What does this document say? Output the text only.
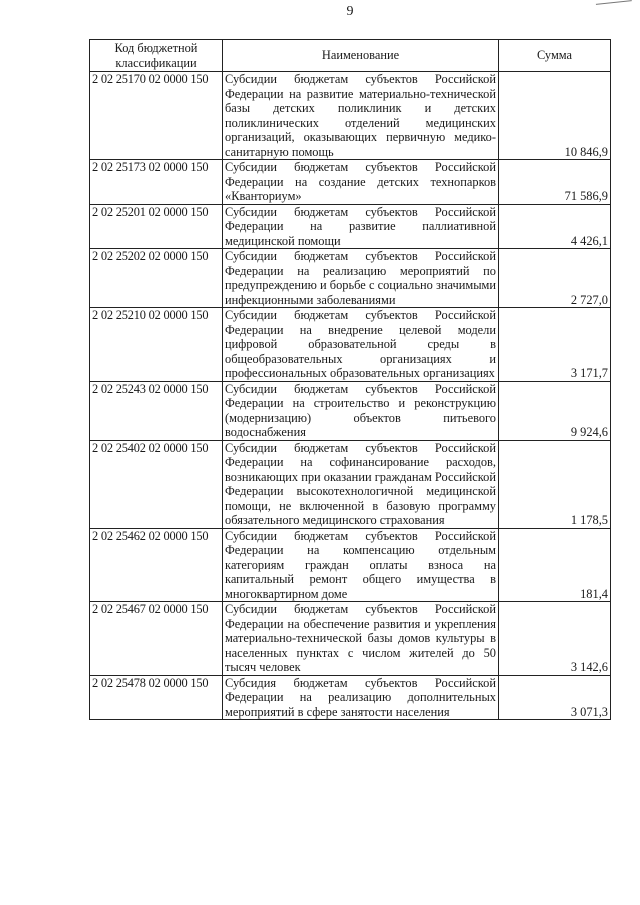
9
Код бюджетной классификации	Наименование	Сумма
2 02 25170 02 0000 150	Субсидии бюджетам субъектов Российской Федерации на развитие материально-технической базы детских поликлиник и детских поликлинических отделений медицинских организаций, оказывающих первичную медико-санитарную помощь	10 846,9
2 02 25173 02 0000 150	Субсидии бюджетам субъектов Российской Федерации на создание детских технопарков «Кванториум»	71 586,9
2 02 25201 02 0000 150	Субсидии бюджетам субъектов Российской Федерации на развитие паллиативной медицинской помощи	4 426,1
2 02 25202 02 0000 150	Субсидии бюджетам субъектов Российской Федерации на реализацию мероприятий по предупреждению и борьбе с социально значимыми инфекционными заболеваниями	2 727,0
2 02 25210 02 0000 150	Субсидии бюджетам субъектов Российской Федерации на внедрение целевой модели цифровой образовательной среды в общеобразовательных организациях и профессиональных образовательных организациях	3 171,7
2 02 25243 02 0000 150	Субсидии бюджетам субъектов Российской Федерации на строительство и реконструкцию (модернизацию) объектов питьевого водоснабжения	9 924,6
2 02 25402 02 0000 150	Субсидии бюджетам субъектов Российской Федерации на софинансирование расходов, возникающих при оказании гражданам Российской Федерации высокотехнологичной медицинской помощи, не включенной в базовую программу обязательного медицинского страхования	1 178,5
2 02 25462 02 0000 150	Субсидии бюджетам субъектов Российской Федерации на компенсацию отдельным категориям граждан оплаты взноса на капитальный ремонт общего имущества в многоквартирном доме	181,4
2 02 25467 02 0000 150	Субсидии бюджетам субъектов Российской Федерации на обеспечение развития и укрепления материально-технической базы домов культуры в населенных пунктах с числом жителей до 50 тысяч человек	3 142,6
2 02 25478 02 0000 150	Субсидия бюджетам субъектов Российской Федерации на реализацию дополнительных мероприятий в сфере занятости населения	3 071,3
